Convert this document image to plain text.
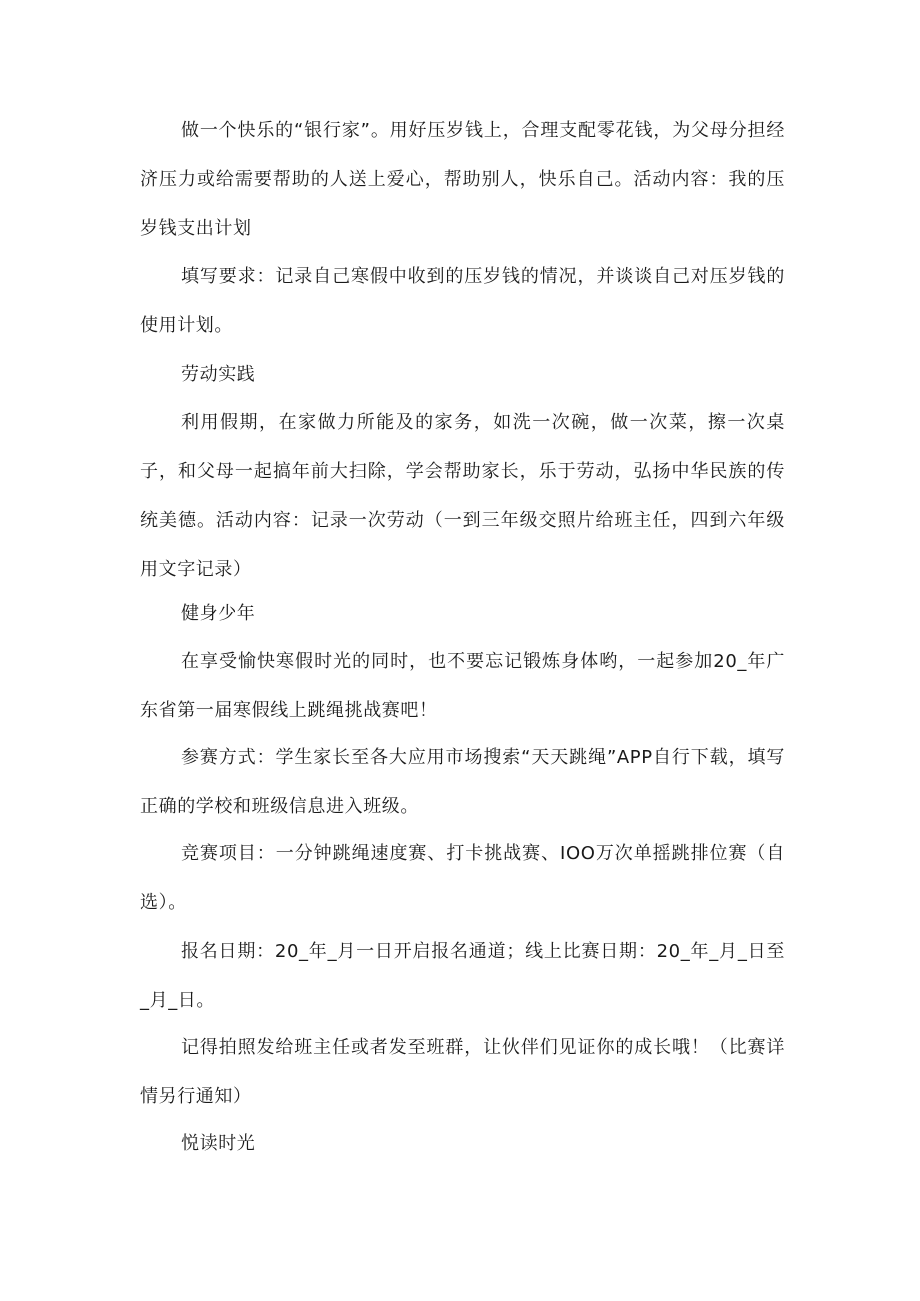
做一个快乐的“银行家”。用好压岁钱上，合理支配零花钱，为父母分担经济压力或给需要帮助的人送上爱心，帮助别人，快乐自己。活动内容：我的压岁钱支出计划

填写要求：记录自己寒假中收到的压岁钱的情况，并谈谈自己对压岁钱的使用计划。

劳动实践

利用假期，在家做力所能及的家务，如洗一次碗，做一次菜，擦一次桌子，和父母一起搞年前大扫除，学会帮助家长，乐于劳动，弘扬中华民族的传统美德。活动内容：记录一次劳动（一到三年级交照片给班主任，四到六年级用文字记录）

健身少年

在享受愉快寒假时光的同时，也不要忘记锻炼身体哟，一起参加20_年广东省第一届寒假线上跳绳挑战赛吧！

参赛方式：学生家长至各大应用市场搜索“天天跳绳”APP自行下载，填写正确的学校和班级信息进入班级。

竞赛项目：一分钟跳绳速度赛、打卡挑战赛、IOO万次单摇跳排位赛（自选）。

报名日期：20_年_月一日开启报名通道；线上比赛日期：20_年_月_日至_月_日。

记得拍照发给班主任或者发至班群，让伙伴们见证你的成长哦！（比赛详情另行通知）

悦读时光
